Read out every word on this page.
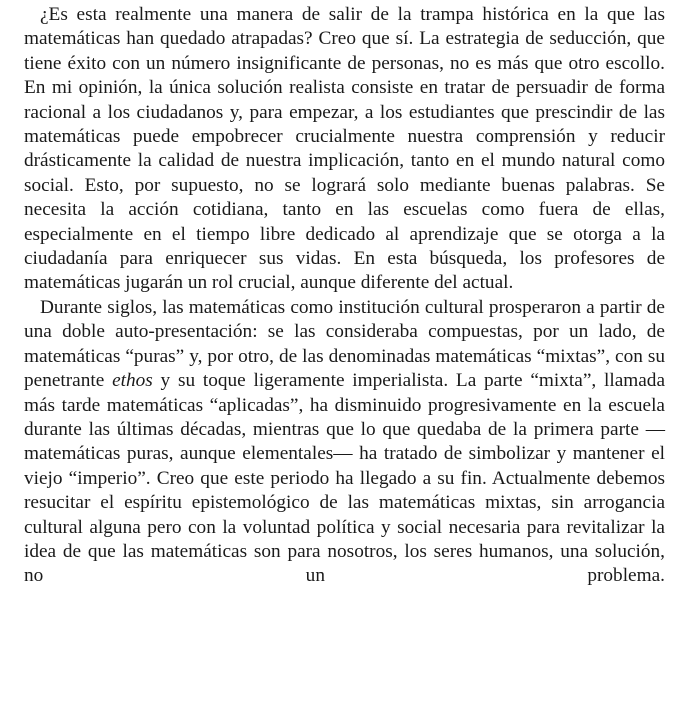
¿Es esta realmente una manera de salir de la trampa histórica en la que las matemáticas han quedado atrapadas? Creo que sí. La estrategia de seducción, que tiene éxito con un número insignificante de personas, no es más que otro escollo. En mi opinión, la única solución realista consiste en tratar de persuadir de forma racional a los ciudadanos y, para empezar, a los estudiantes que prescindir de las matemáticas puede empobrecer crucialmente nuestra comprensión y reducir drásticamente la calidad de nuestra implicación, tanto en el mundo natural como social. Esto, por supuesto, no se logrará solo mediante buenas palabras. Se necesita la acción cotidiana, tanto en las escuelas como fuera de ellas, especialmente en el tiempo libre dedicado al aprendizaje que se otorga a la ciudadanía para enriquecer sus vidas. En esta búsqueda, los profesores de matemáticas jugarán un rol crucial, aunque diferente del actual.

Durante siglos, las matemáticas como institución cultural prosperaron a partir de una doble auto-presentación: se las consideraba compuestas, por un lado, de matemáticas “puras” y, por otro, de las denominadas matemáticas “mixtas”, con su penetrante ethos y su toque ligeramente imperialista. La parte “mixta”, llamada más tarde matemáticas “aplicadas”, ha disminuido progresivamente en la escuela durante las últimas décadas, mientras que lo que quedaba de la primera parte —matemáticas puras, aunque elementales— ha tratado de simbolizar y mantener el viejo “imperio”. Creo que este periodo ha llegado a su fin. Actualmente debemos resucitar el espíritu epistemológico de las matemáticas mixtas, sin arrogancia cultural alguna pero con la voluntad política y social necesaria para revitalizar la idea de que las matemáticas son para nosotros, los seres humanos, una solución, no un problema.
